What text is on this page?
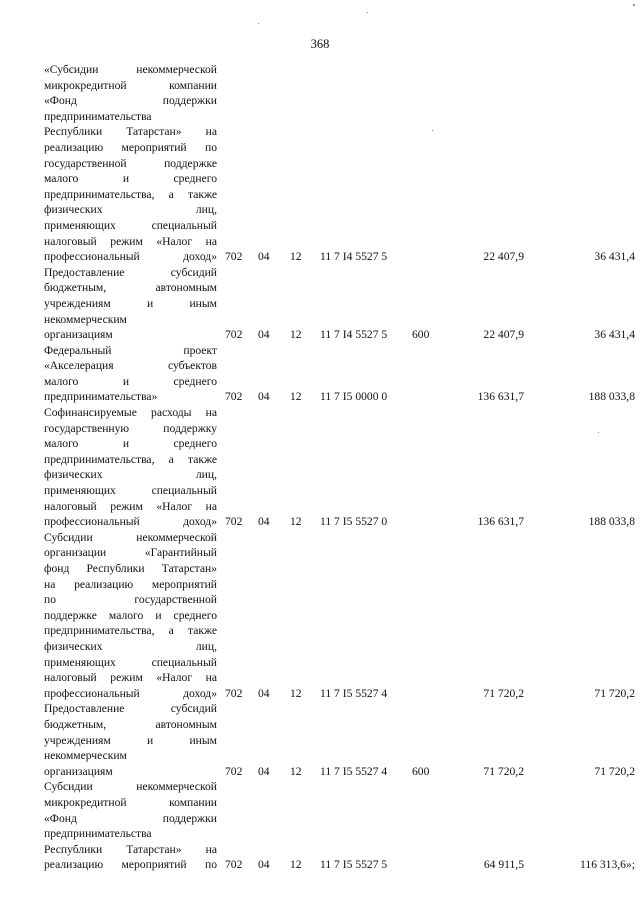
368
«Субсидии некоммерческой
микрокредитной компании
«Фонд поддержки
предпринимательства
Республики Татарстан» на
реализацию мероприятий по
государственной поддержке
малого и среднего
предпринимательства, а также
физических лиц,
применяющих специальный
налоговый режим «Налог на
профессиональный доход» 702 04 12 11 7 I4 5527 5	22 407,9	36 431,4
Предоставление субсидий
бюджетным, автономным
учреждениям и иным
некоммерческим
организациям	702 04 12 11 7 I4 5527 5 600	22 407,9	36 431,4
Федеральный проект
«Акселерация субъектов
малого и среднего
предпринимательства»	702 04 12 11 7 I5 0000 0	136 631,7	188 033,8
Софинансируемые расходы на
государственную поддержку
малого и среднего
предпринимательства, а также
физических лиц,
применяющих специальный
налоговый режим «Налог на
профессиональный доход» 702 04 12 11 7 I5 5527 0	136 631,7	188 033,8
Субсидии некоммерческой
организации «Гарантийный
фонд Республики Татарстан»
на реализацию мероприятий
по государственной
поддержке малого и среднего
предпринимательства, а также
физических лиц,
применяющих специальный
налоговый режим «Налог на
профессиональный доход» 702 04 12 11 7 I5 5527 4	71 720,2	71 720,2
Предоставление субсидий
бюджетным, автономным
учреждениям и иным
некоммерческим
организациям	702 04 12 11 7 I5 5527 4 600	71 720,2	71 720,2
Субсидии некоммерческой
микрокредитной компании
«Фонд поддержки
предпринимательства
Республики Татарстан» на
реализацию мероприятий по 702 04 12 11 7 I5 5527 5	64 911,5	116 313,6»;
